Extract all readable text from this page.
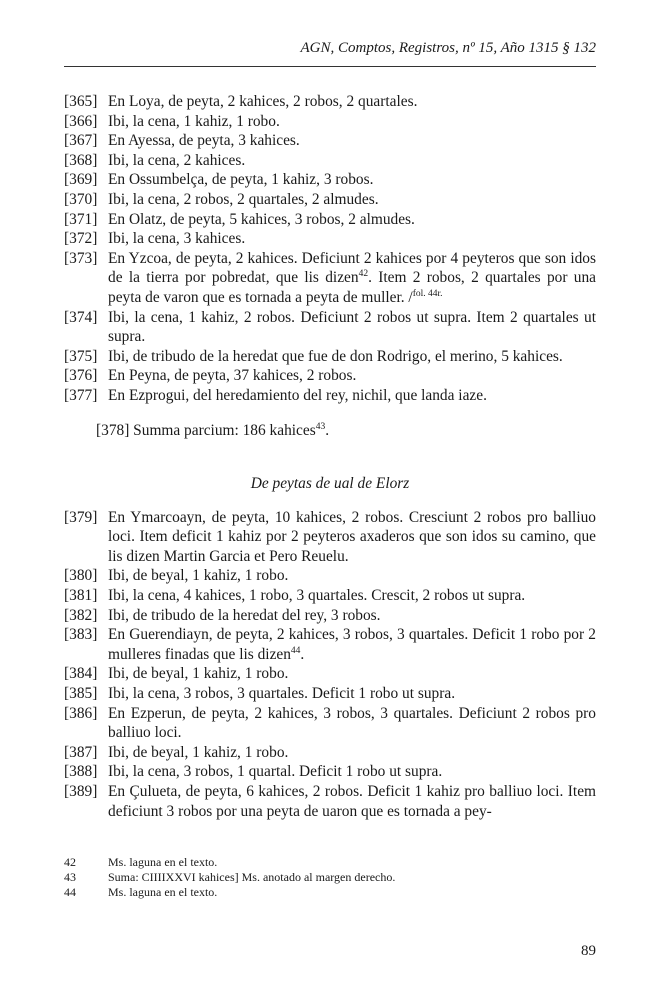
AGN, Comptos, Registros, nº 15, Año 1315 § 132
[365] En Loya, de peyta, 2 kahices, 2 robos, 2 quartales.
[366] Ibi, la cena, 1 kahiz, 1 robo.
[367] En Ayessa, de peyta, 3 kahices.
[368] Ibi, la cena, 2 kahices.
[369] En Ossumbelça, de peyta, 1 kahiz, 3 robos.
[370] Ibi, la cena, 2 robos, 2 quartales, 2 almudes.
[371] En Olatz, de peyta, 5 kahices, 3 robos, 2 almudes.
[372] Ibi, la cena, 3 kahices.
[373] En Yzcoa, de peyta, 2 kahices. Deficiunt 2 kahices por 4 peyteros que son idos de la tierra por pobredat, que lis dizen$^{42}$. Item 2 robos, 2 quartales por una peyta de varon que es tornada a peyta de muller. /$^{fol. 44r.}$
[374] Ibi, la cena, 1 kahiz, 2 robos. Deficiunt 2 robos ut supra. Item 2 quartales ut supra.
[375] Ibi, de tribudo de la heredat que fue de don Rodrigo, el merino, 5 kahices.
[376] En Peyna, de peyta, 37 kahices, 2 robos.
[377] En Ezprogui, del heredamiento del rey, nichil, que landa iaze.
[378] Summa parcium: 186 kahices$^{43}$.
De peytas de ual de Elorz
[379] En Ymarcoayn, de peyta, 10 kahices, 2 robos. Cresciunt 2 robos pro balliuo loci. Item deficit 1 kahiz por 2 peyteros axaderos que son idos su camino, que lis dizen Martin Garcia et Pero Reuelu.
[380] Ibi, de beyal, 1 kahiz, 1 robo.
[381] Ibi, la cena, 4 kahices, 1 robo, 3 quartales. Crescit, 2 robos ut supra.
[382] Ibi, de tribudo de la heredat del rey, 3 robos.
[383] En Guerendiayn, de peyta, 2 kahices, 3 robos, 3 quartales. Deficit 1 robo por 2 mulleres finadas que lis dizen$^{44}$.
[384] Ibi, de beyal, 1 kahiz, 1 robo.
[385] Ibi, la cena, 3 robos, 3 quartales. Deficit 1 robo ut supra.
[386] En Ezperun, de peyta, 2 kahices, 3 robos, 3 quartales. Deficiunt 2 robos pro balliuo loci.
[387] Ibi, de beyal, 1 kahiz, 1 robo.
[388] Ibi, la cena, 3 robos, 1 quartal. Deficit 1 robo ut supra.
[389] En Çulueta, de peyta, 6 kahices, 2 robos. Deficit 1 kahiz pro balliuo loci. Item deficiunt 3 robos por una peyta de uaron que es tornada a pey-
42	Ms. laguna en el texto.
43	Suma: CIIIIXXVI kahices] Ms. anotado al margen derecho.
44	Ms. laguna en el texto.
89
